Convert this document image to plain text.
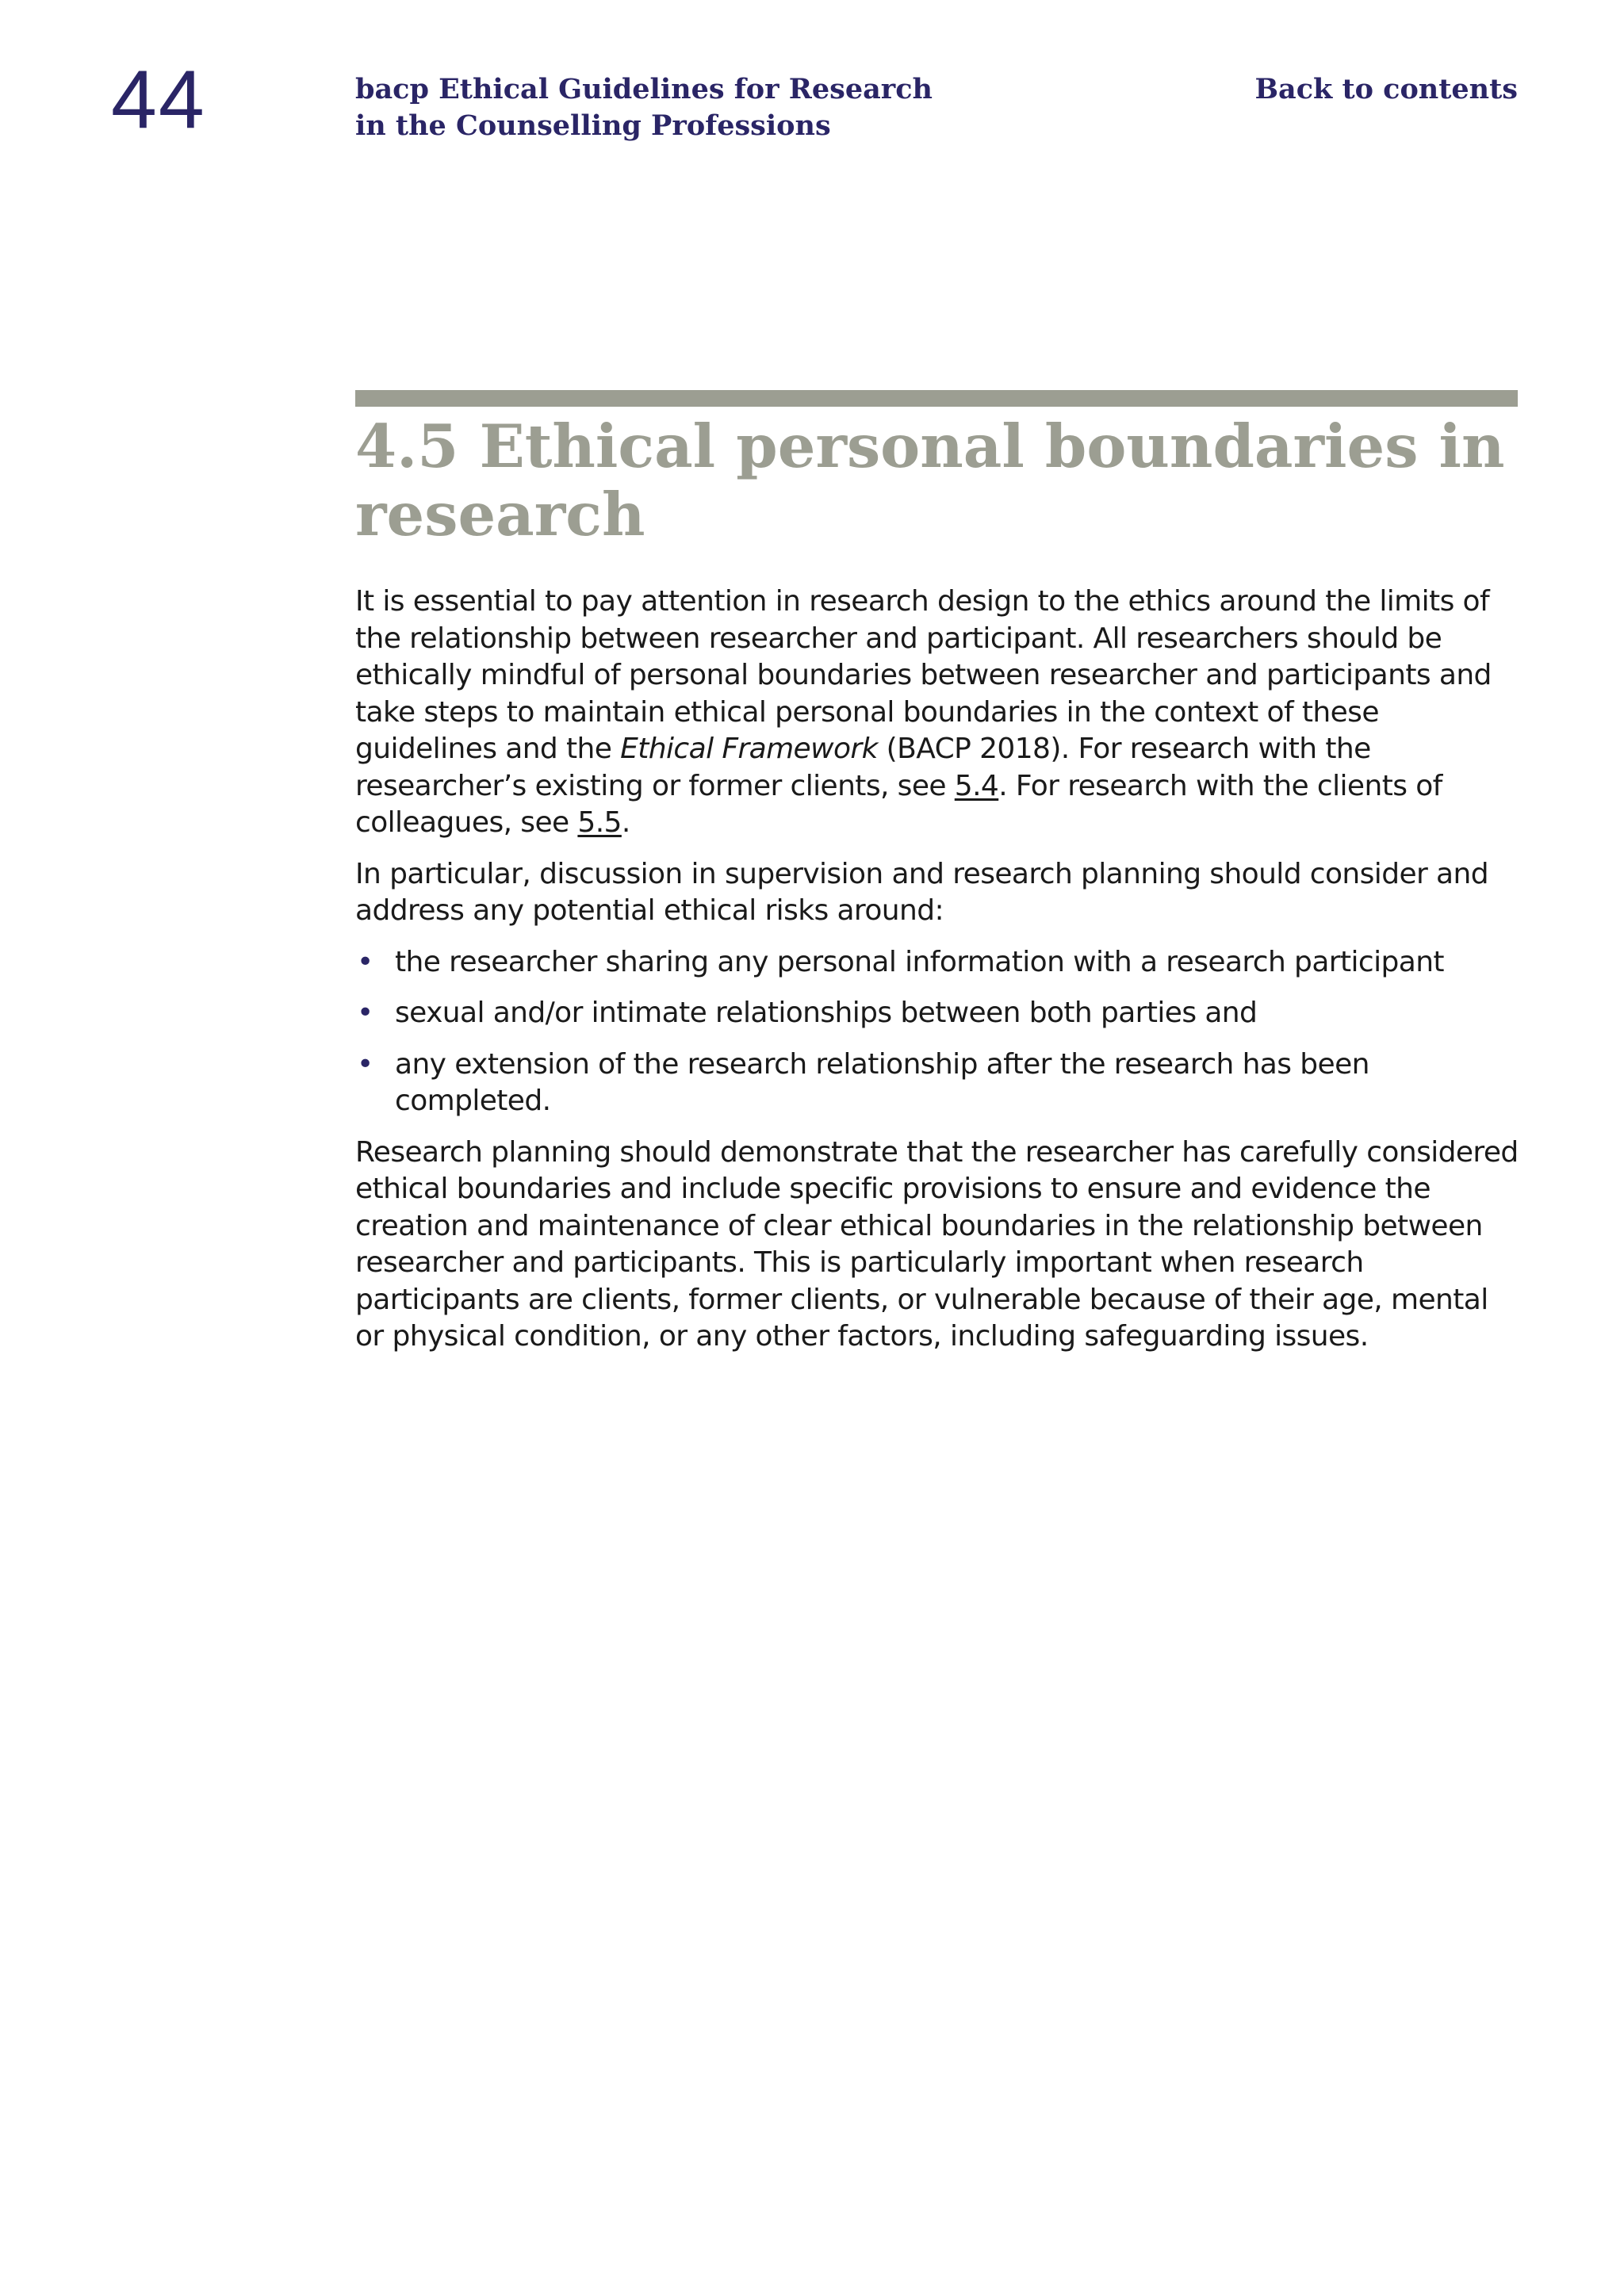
44	bacp Ethical Guidelines for Research
in the Counselling Professions
Back to contents
4.5 Ethical personal boundaries in research

It is essential to pay attention in research design to the ethics around the limits of the relationship between researcher and participant. All researchers should be ethically mindful of personal boundaries between researcher and participants and take steps to maintain ethical personal boundaries in the context of these guidelines and the Ethical Framework (BACP 2018). For research with the researcher’s existing or former clients, see 5.4. For research with the clients of colleagues, see 5.5.

In particular, discussion in supervision and research planning should consider and address any potential ethical risks around:

• the researcher sharing any personal information with a research participant
• sexual and/or intimate relationships between both parties and
• any extension of the research relationship after the research has been completed.

Research planning should demonstrate that the researcher has carefully considered ethical boundaries and include specific provisions to ensure and evidence the creation and maintenance of clear ethical boundaries in the relationship between researcher and participants. This is particularly important when research participants are clients, former clients, or vulnerable because of their age, mental or physical condition, or any other factors, including safeguarding issues.
